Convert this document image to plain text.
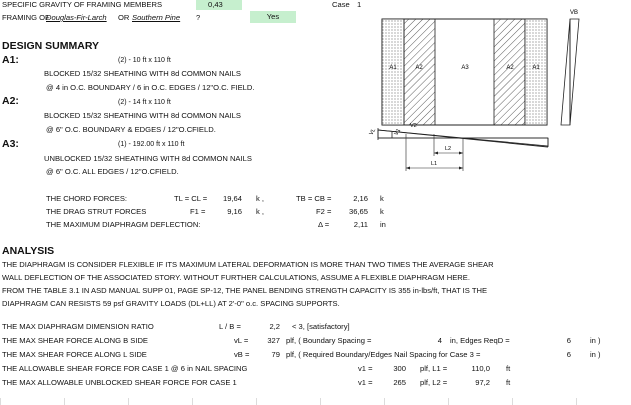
SPECIFIC GRAVITY OF FRAMING MEMBERS	0,43	Case 1
FRAMING OF
Douglas-Fir-Larch OR Southern Pine ?	Yes
DESIGN SUMMARY
A1:	(2) - 10 ft x 110 ft
BLOCKED 15/32 SHEATHING WITH 8d COMMON NAILS
@ 4 in O.C. BOUNDARY / 6 in O.C. EDGES / 12"O.C. FIELD.
A2:	(2) - 14 ft x 110 ft
BLOCKED 15/32 SHEATHING WITH 8d COMMON NAILS
@ 6" O.C. BOUNDARY & EDGES / 12"O.CFIELD.
A3:	(1) - 192.00 ft x 110 ft
UNBLOCKED 15/32 SHEATHING WITH 8d COMMON NAILS
@ 6" O.C. ALL EDGES / 12"O.CFIELD.
THE CHORD FORCES:	TL = CL =	19,64 k ,	TB = CB =	2,16 k
THE DRAG STRUT FORCES	F1 =	9,16 k ,	F2 =	36,65 k
THE MAXIMUM DIAPHRAGM DEFLECTION:	Δ =	2,11 in
ANALYSIS
THE DIAPHRAGM IS CONSIDER FLEXIBLE IF ITS MAXIMUM LATERAL DEFORMATION IS MORE THAN TWO TIMES THE AVERAGE SHEAR
WALL DEFLECTION OF THE ASSOCIATED STORY. WITHOUT FURTHER CALCULATIONS, ASSUME A FLEXIBLE DIAPHRAGM HERE.
FROM THE TABLE 3.1 IN ASD MANUAL SUPP 01, PAGE SP-12, THE PANEL BENDING STRENGTH CAPACITY IS 355 in-lbs/ft, THAT IS THE
DIAPHRAGM CAN RESISTS 59 psf GRAVITY LOADS (DL+LL) AT 2'-0" o.c. SPACING SUPPORTS.
THE MAX DIAPHRAGM DIMENSION RATIO	L / B =	2,2 < 3, [satisfactory]
THE MAX SHEAR FORCE ALONG B SIDE	vL =	327 plf, ( Boundary Spacing =	4 in, Edges ReqD =	6	in )
THE MAX SHEAR FORCE ALONG L SIDE	vB =	79 plf, ( Required Boundary/Edges Nail Spacing for Case 3 =	6	in )
THE ALLOWABLE SHEAR FORCE FOR CASE 1 @ 6 in NAIL SPACING	v1 =	300 plf, L1 =	110,0 ft
THE MAX ALLOWABLE UNBLOCKED SHEAR FORCE FOR CASE 1	v1 =	265 plf, L2 =	97,2 ft
A1	A2	A3	A2	A1
VB
VL	V1
V2
L2
L1
